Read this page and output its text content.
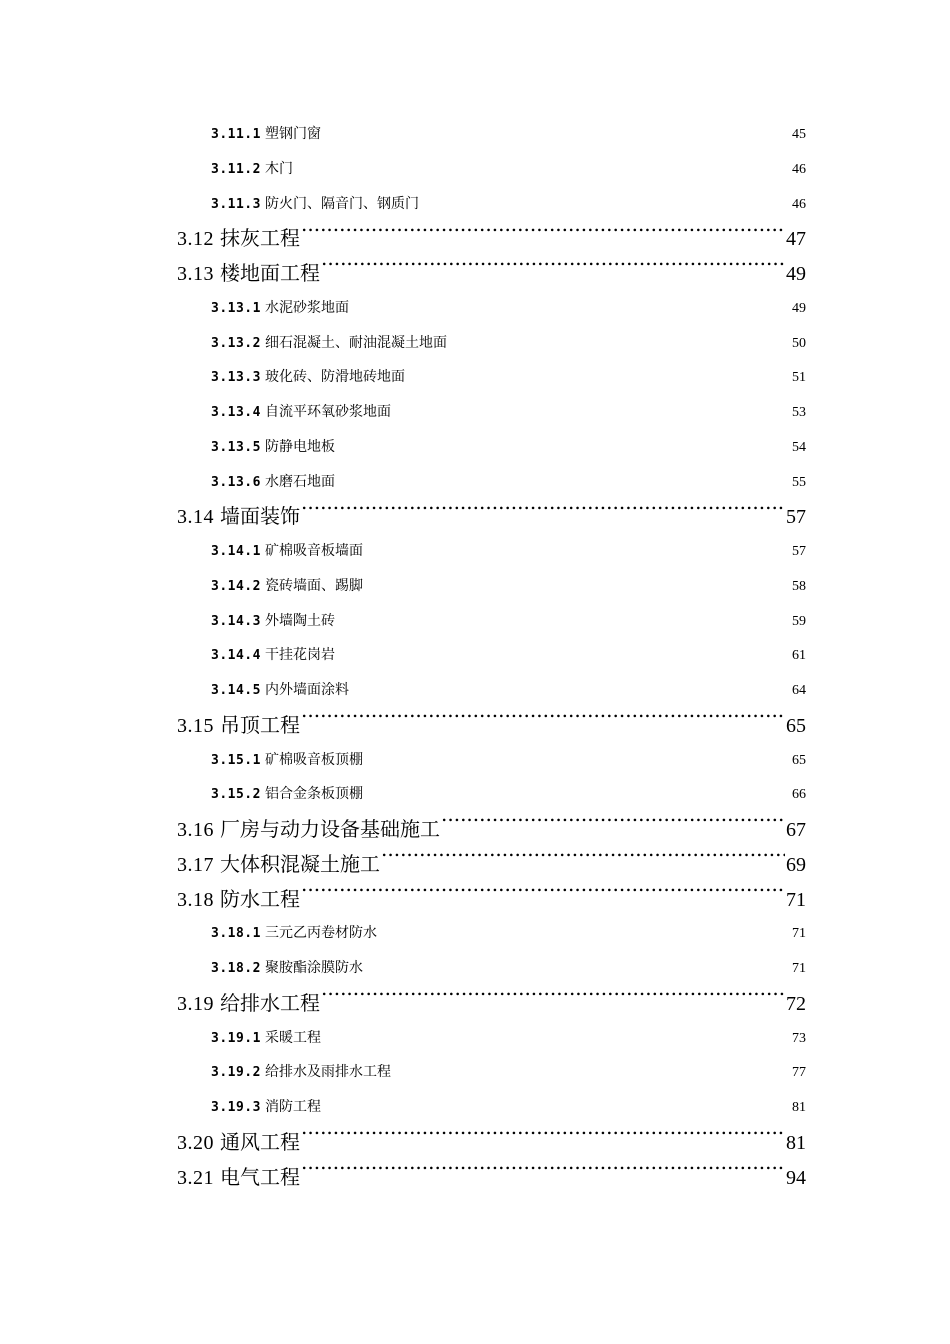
3.11.1 塑钢门窗 .....	45
3.11.2 木门 .....	46
3.11.3 防火门、隔音门、钢质门 .....	46
3.12 抹灰工程 .....	47
3.13 楼地面工程 .....	49
3.13.1 水泥砂浆地面 .....	49
3.13.2 细石混凝土、耐油混凝土地面 .....	50
3.13.3 玻化砖、防滑地砖地面 .....	51
3.13.4 自流平环氧砂浆地面 .....	53
3.13.5 防静电地板 .....	54
3.13.6 水磨石地面 .....	55
3.14 墙面装饰 .....	57
3.14.1 矿棉吸音板墙面 .....	57
3.14.2 瓷砖墙面、踢脚 .....	58
3.14.3 外墙陶土砖 .....	59
3.14.4 干挂花岗岩 .....	61
3.14.5 内外墙面涂料 .....	64
3.15 吊顶工程 .....	65
3.15.1 矿棉吸音板顶棚 .....	65
3.15.2 铝合金条板顶棚 .....	66
3.16 厂房与动力设备基础施工 .....	67
3.17 大体积混凝土施工 .....	69
3.18 防水工程 .....	71
3.18.1 三元乙丙卷材防水 .....	71
3.18.2 聚胺酯涂膜防水 .....	71
3.19 给排水工程 .....	72
3.19.1 采暖工程 .....	73
3.19.2 给排水及雨排水工程 .....	77
3.19.3 消防工程 .....	81
3.20 通风工程 .....	81
3.21 电气工程 .....	94
